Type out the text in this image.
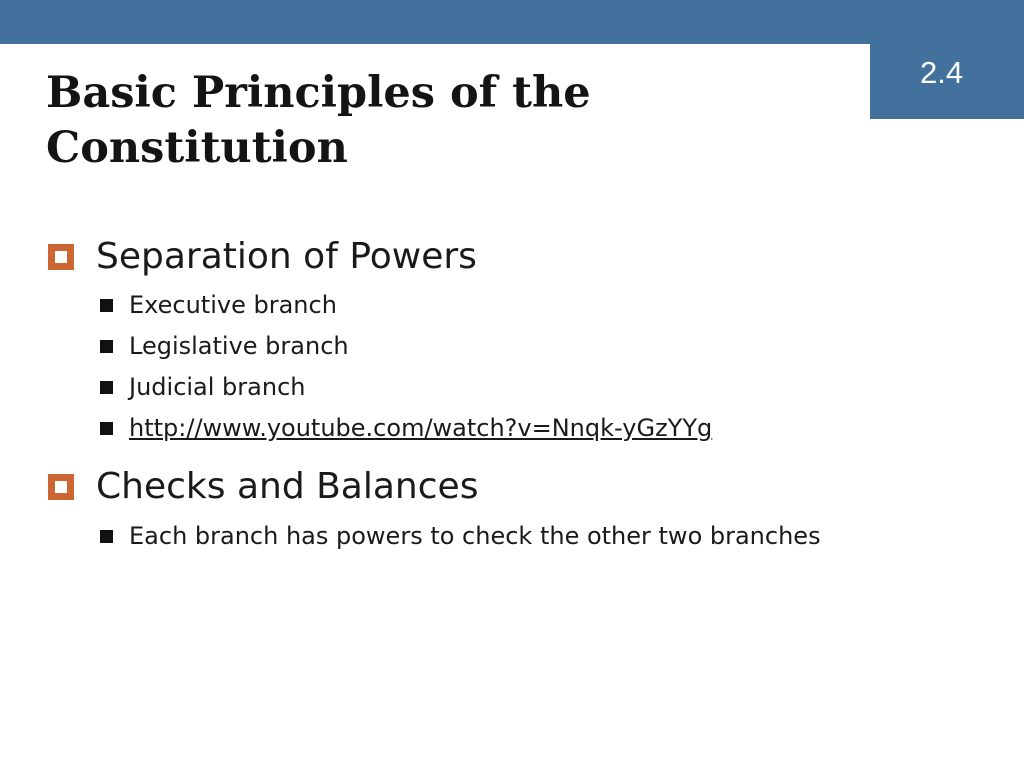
2.4
Basic Principles of the
Constitution
Separation of Powers
Executive branch
Legislative branch
Judicial branch
http://www.youtube.com/watch?v=Nnqk-yGzYYg
Checks and Balances
Each branch has powers to check the other two branches
